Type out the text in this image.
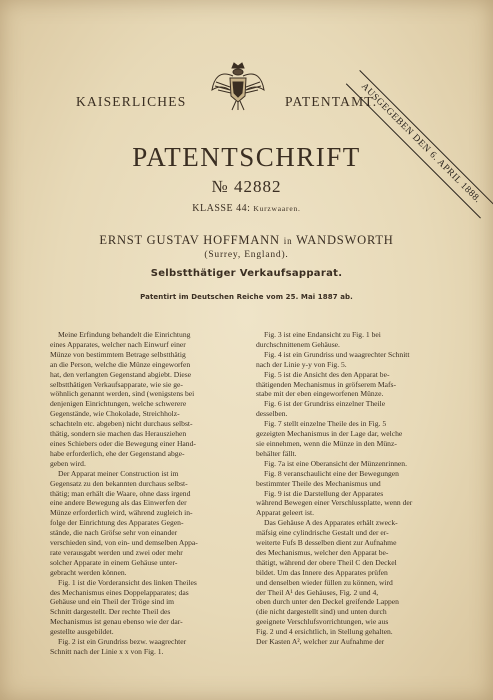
KAISERLICHES	PATENTAMT.
AUSGEGEBEN DEN 6. APRIL 1888.
PATENTSCHRIFT
№ 42882
KLASSE 44: Kurzwaaren.
ERNST GUSTAV HOFFMANN in WANDSWORTH
(Surrey, England).
Selbstthätiger Verkaufsapparat.
Patentirt im Deutschen Reiche vom 25. Mai 1887 ab.

Meine Erfindung behandelt die Einrichtung
eines Apparates, welcher nach Einwurf einer
Münze von bestimmtem Betrage selbstthätig
an die Person, welche die Münze eingeworfen
hat, den verlangten Gegenstand abgiebt. Diese
selbstthätigen Verkaufsapparate, wie sie ge-
wöhnlich genannt werden, sind (wenigstens bei
denjenigen Einrichtungen, welche schwerere
Gegenstände, wie Chokolade, Streichholz-
schachteln etc. abgeben) nicht durchaus selbst-
thätig, sondern sie machen das Herausziehen
eines Schiebers oder die Bewegung einer Hand-
habe erforderlich, ehe der Gegenstand abge-
geben wird.

Der Apparat meiner Construction ist im
Gegensatz zu den bekannten durchaus selbst-
thätig; man erhält die Waare, ohne dass irgend
eine andere Bewegung als das Einwerfen der
Münze erforderlich wird, während zugleich in-
folge der Einrichtung des Apparates Gegen-
stände, die nach Gröfse sehr von einander
verschieden sind, von ein- und demselben Appa-
rate verausgabt werden und zwei oder mehr
solcher Apparate in einem Gehäuse unter-
gebracht werden können.

Fig. 1 ist die Vorderansicht des linken Theiles
des Mechanismus eines Doppelapparates; das
Gehäuse und ein Theil der Tröge sind im
Schnitt dargestellt. Der rechte Theil des
Mechanismus ist genau ebenso wie der dar-
gestellte ausgebildet.

Fig. 2 ist ein Grundriss bezw. waagrechter
Schnitt nach der Linie x x von Fig. 1.

Fig. 3 ist eine Endansicht zu Fig. 1 bei
durchschnittenem Gehäuse.

Fig. 4 ist ein Grundriss und waagrechter Schnitt
nach der Linie y-y von Fig. 5.

Fig. 5 ist die Ansicht des den Apparat be-
thätigenden Mechanismus in gröfserem Mafs-
stabe mit der eben eingeworfenen Münze.

Fig. 6 ist der Grundriss einzelner Theile
desselben.

Fig. 7 stellt einzelne Theile des in Fig. 5
gezeigten Mechanismus in der Lage dar, welche
sie einnehmen, wenn die Münze in den Münz-
behälter fällt.

Fig. 7a ist eine Oberansicht der Münzenrinnen.

Fig. 8 veranschaulicht eine der Bewegungen
bestimmter Theile des Mechanismus und

Fig. 9 ist die Darstellung der Apparates
während Bewegen einer Verschlussplatte, wenn der
Apparat geleert ist.

Das Gehäuse A des Apparates erhält zweck-
mäfsig eine cylindrische Gestalt und der er-
weiterte Fufs B desselben dient zur Aufnahme
des Mechanismus, welcher den Apparat be-
thätigt, während der obere Theil C den Deckel
bildet. Um das Innere des Apparates prüfen
und denselben wieder füllen zu können, wird
der Theil A¹ des Gehäuses, Fig. 2 und 4,
oben durch unter den Deckel greifende Lappen
(die nicht dargestellt sind) und unten durch
geeignete Verschlufsvorrichtungen, wie aus
Fig. 2 und 4 ersichtlich, in Stellung gehalten.
Der Kasten A², welcher zur Aufnahme der
